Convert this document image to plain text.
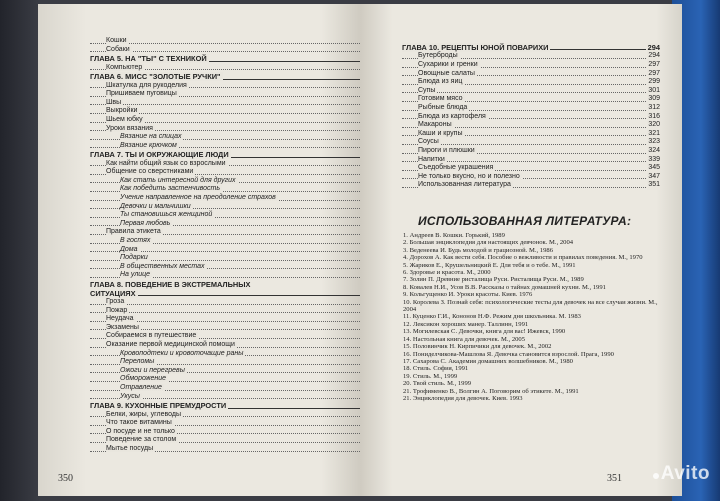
Кошки
Собаки
ГЛАВА 5. НА "ТЫ" С ТЕХНИКОЙ
Компьютер
ГЛАВА 6. МИСС "ЗОЛОТЫЕ РУЧКИ"
Шкатулка для рукоделия
Пришиваем пуговицы
Швы
Выкройки
Шьем юбку
Уроки вязания
Вязание на спицах
Вязание крючком
ГЛАВА 7. ТЫ И ОКРУЖАЮЩИЕ ЛЮДИ
Как найти общий язык со взрослыми
Общение со сверстниками
Как стать интересной для других
Как победить застенчивость
Учение направленное на преодоление страхов
Девочки и мальчишки
Ты становишься женщиной
Первая любовь
Правила этикета
В гостях
Дома
Подарки
В общественных местах
На улице
ГЛАВА 8. ПОВЕДЕНИЕ В ЭКСТРЕМАЛЬНЫХ СИТУАЦИЯХ
Гроза
Пожар
Неудача
Экзамены
Собираемся в путешествие
Оказание первой медицинской помощи
Кровоподтеки и кровоточащие раны
Переломы
Ожоги и перегревы
Обморожение
Отравление
Укусы
ГЛАВА 9. КУХОННЫЕ ПРЕМУДРОСТИ
Белки, жиры, углеводы
Что такое витамины
О посуде и не только
Поведение за столом
Мытье посуды
350
ГЛАВА 10. РЕЦЕПТЫ ЮНОЙ ПОВАРИХИ	294
Бутерброды	294
Сухарики и гренки	297
Овощные салаты	297
Блюда из яиц	299
Супы	301
Готовим мясо	309
Рыбные блюда	312
Блюда из картофеля	316
Макароны	320
Каши и крупы	321
Соусы	323
Пироги и плюшки	324
Напитки	339
Съедобные украшения	345
Не только вкусно, но и полезно	347
Использованная литература	351
ИСПОЛЬЗОВАННАЯ ЛИТЕРАТУРА:
1. Андреев В. Кошки. Горький, 1989
2. Большая энциклопедия для настоящих девчонок. М., 2004
3. Веденеева И. Будь молодой и грациозной. М., 1986
4. Дорохов А. Как вести себя. Пособие о вежливости и правилах поведения. М., 1970
5. Жариков Е., Крушельницкий Е. Для тебя и о тебе. М., 1991
6. Здоровье и красота. М., 2000
7. Золин П. Древние ристалища Руси. Ристалища Руси. М., 1989
8. Ковалев Н.И., Усов В.В. Рассказы о тайнах домашней кухни. М., 1991
9. Кольгущенко И. Уроки красоты. Киев. 1976
10. Королева З. Познай себя: психологические тесты для девочек на все случаи жизни. М., 2004
11. Куценко Г.И., Кононов Н.Ф. Режим дня школьника. М. 1983
12. Лексикон хороших манер. Таллинн, 1991
13. Могилевская С. Девочки, книга для вас! Ижевск, 1990
14. Настольная книга для девочек. М., 2005
15. Половинчик Н. Кирпичики для девочек. М., 2002
16. Пониделчикова-Машлова Я. Девочка становится взрослой. Прага, 1990
17. Сахарова С. Академия домашних волшебников. М., 1980
18. Стиль. София, 1991
19. Стиль. М., 1999
20. Твой стиль. М., 1999
21. Трофименко В., Волгин А. Поговорим об этикете. М., 1991
21. Энциклопедия для девочек. Киев. 1993
351	Avito
